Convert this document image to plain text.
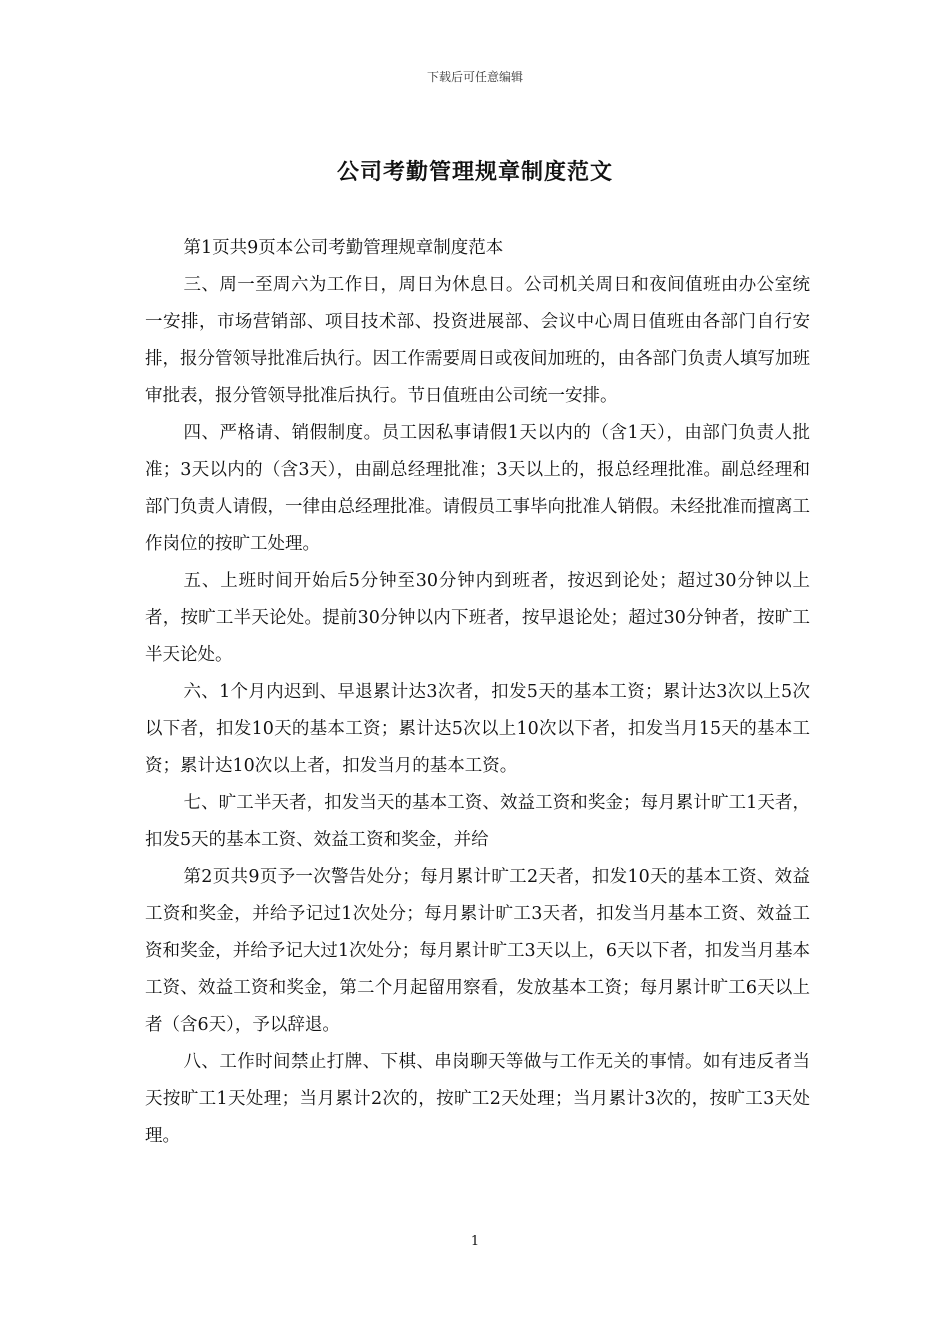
下载后可任意编辑
公司考勤管理规章制度范文

第1页共9页本公司考勤管理规章制度范本

三、周一至周六为工作日，周日为休息日。公司机关周日和夜间值班由办公室统一安排，市场营销部、项目技术部、投资进展部、会议中心周日值班由各部门自行安排，报分管领导批准后执行。因工作需要周日或夜间加班的，由各部门负责人填写加班审批表，报分管领导批准后执行。节日值班由公司统一安排。

四、严格请、销假制度。员工因私事请假1天以内的（含1天），由部门负责人批准；3天以内的（含3天），由副总经理批准；3天以上的，报总经理批准。副总经理和部门负责人请假，一律由总经理批准。请假员工事毕向批准人销假。未经批准而擅离工作岗位的按旷工处理。

五、上班时间开始后5分钟至30分钟内到班者，按迟到论处；超过30分钟以上者，按旷工半天论处。提前30分钟以内下班者，按早退论处；超过30分钟者，按旷工半天论处。

六、1个月内迟到、早退累计达3次者，扣发5天的基本工资；累计达3次以上5次以下者，扣发10天的基本工资；累计达5次以上10次以下者，扣发当月15天的基本工资；累计达10次以上者，扣发当月的基本工资。

七、旷工半天者，扣发当天的基本工资、效益工资和奖金；每月累计旷工1天者，扣发5天的基本工资、效益工资和奖金，并给

第2页共9页予一次警告处分；每月累计旷工2天者，扣发10天的基本工资、效益工资和奖金，并给予记过1次处分；每月累计旷工3天者，扣发当月基本工资、效益工资和奖金，并给予记大过1次处分；每月累计旷工3天以上，6天以下者，扣发当月基本工资、效益工资和奖金，第二个月起留用察看，发放基本工资；每月累计旷工6天以上者（含6天），予以辞退。

八、工作时间禁止打牌、下棋、串岗聊天等做与工作无关的事情。如有违反者当天按旷工1天处理；当月累计2次的，按旷工2天处理；当月累计3次的，按旷工3天处理。

1
